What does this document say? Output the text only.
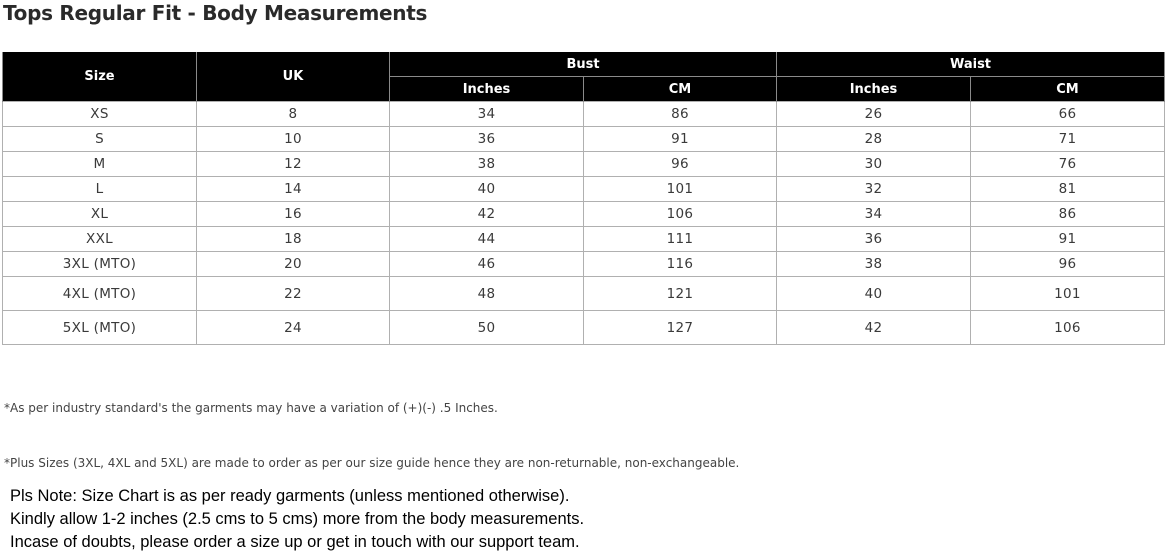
Tops Regular Fit - Body Measurements
Size	UK	Bust		Waist	
		Inches	CM	Inches	CM
XS	8	34	86	26	66
S	10	36	91	28	71
M	12	38	96	30	76
L	14	40	101	32	81
XL	16	42	106	34	86
XXL	18	44	111	36	91
3XL (MTO)	20	46	116	38	96
4XL (MTO)	22	48	121	40	101
5XL (MTO)	24	50	127	42	106
*As per industry standard's the garments may have a variation of (+)(-) .5 Inches.
*Plus Sizes (3XL, 4XL and 5XL) are made to order as per our size guide hence they are non-returnable, non-exchangeable.
Pls Note: Size Chart is as per ready garments (unless mentioned otherwise).
Kindly allow 1-2 inches (2.5 cms to 5 cms) more from the body measurements.
Incase of doubts, please order a size up or get in touch with our support team.
